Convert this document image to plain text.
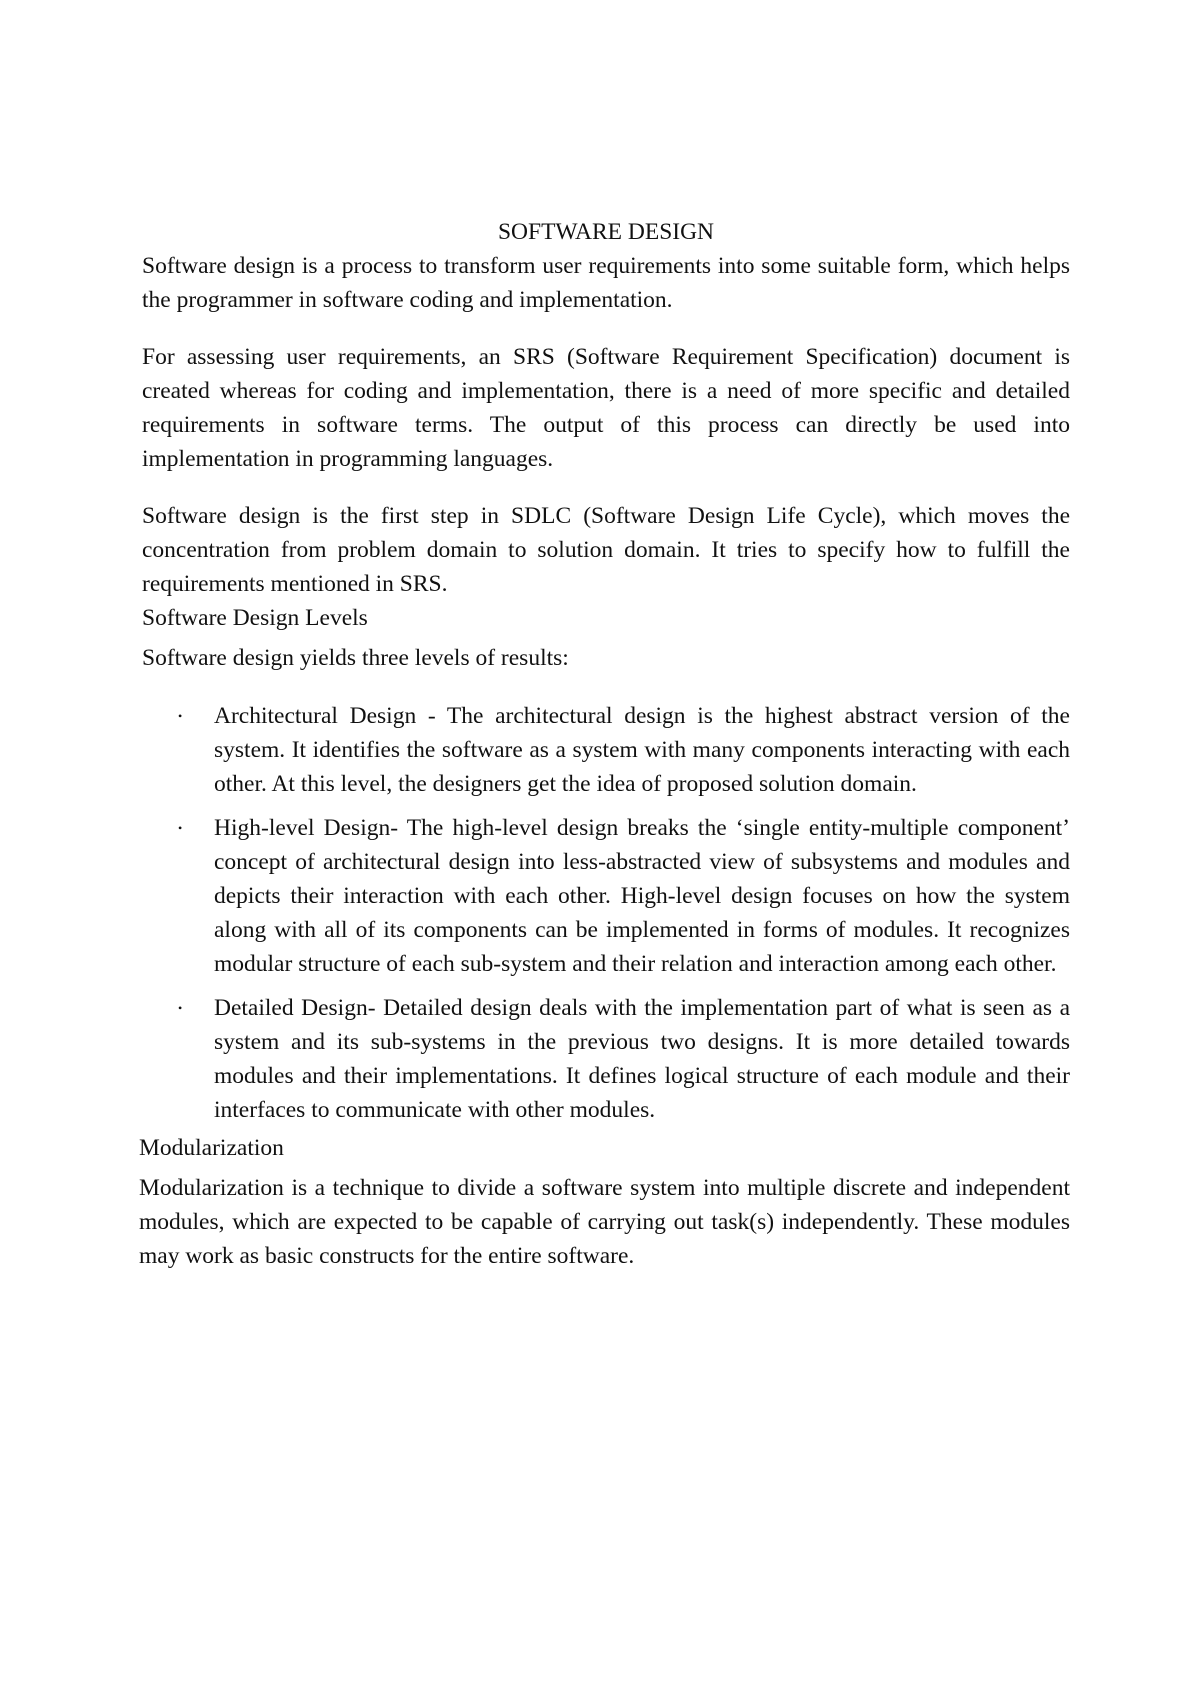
SOFTWARE DESIGN

Software design is a process to transform user requirements into some suitable form, which helps the programmer in software coding and implementation.

For assessing user requirements, an SRS (Software Requirement Specification) document is created whereas for coding and implementation, there is a need of more specific and detailed requirements in software terms. The output of this process can directly be used into implementation in programming languages.

Software design is the first step in SDLC (Software Design Life Cycle), which moves the concentration from problem domain to solution domain. It tries to specify how to fulfill the requirements mentioned in SRS.

Software Design Levels

Software design yields three levels of results:

• Architectural Design - The architectural design is the highest abstract version of the system. It identifies the software as a system with many components interacting with each other. At this level, the designers get the idea of proposed solution domain.
• High-level Design- The high-level design breaks the ‘single entity-multiple component’ concept of architectural design into less-abstracted view of subsystems and modules and depicts their interaction with each other. High-level design focuses on how the system along with all of its components can be implemented in forms of modules. It recognizes modular structure of each sub-system and their relation and interaction among each other.
• Detailed Design- Detailed design deals with the implementation part of what is seen as a system and its sub-systems in the previous two designs. It is more detailed towards modules and their implementations. It defines logical structure of each module and their interfaces to communicate with other modules.
Modularization

Modularization is a technique to divide a software system into multiple discrete and independent modules, which are expected to be capable of carrying out task(s) independently. These modules may work as basic constructs for the entire software.
